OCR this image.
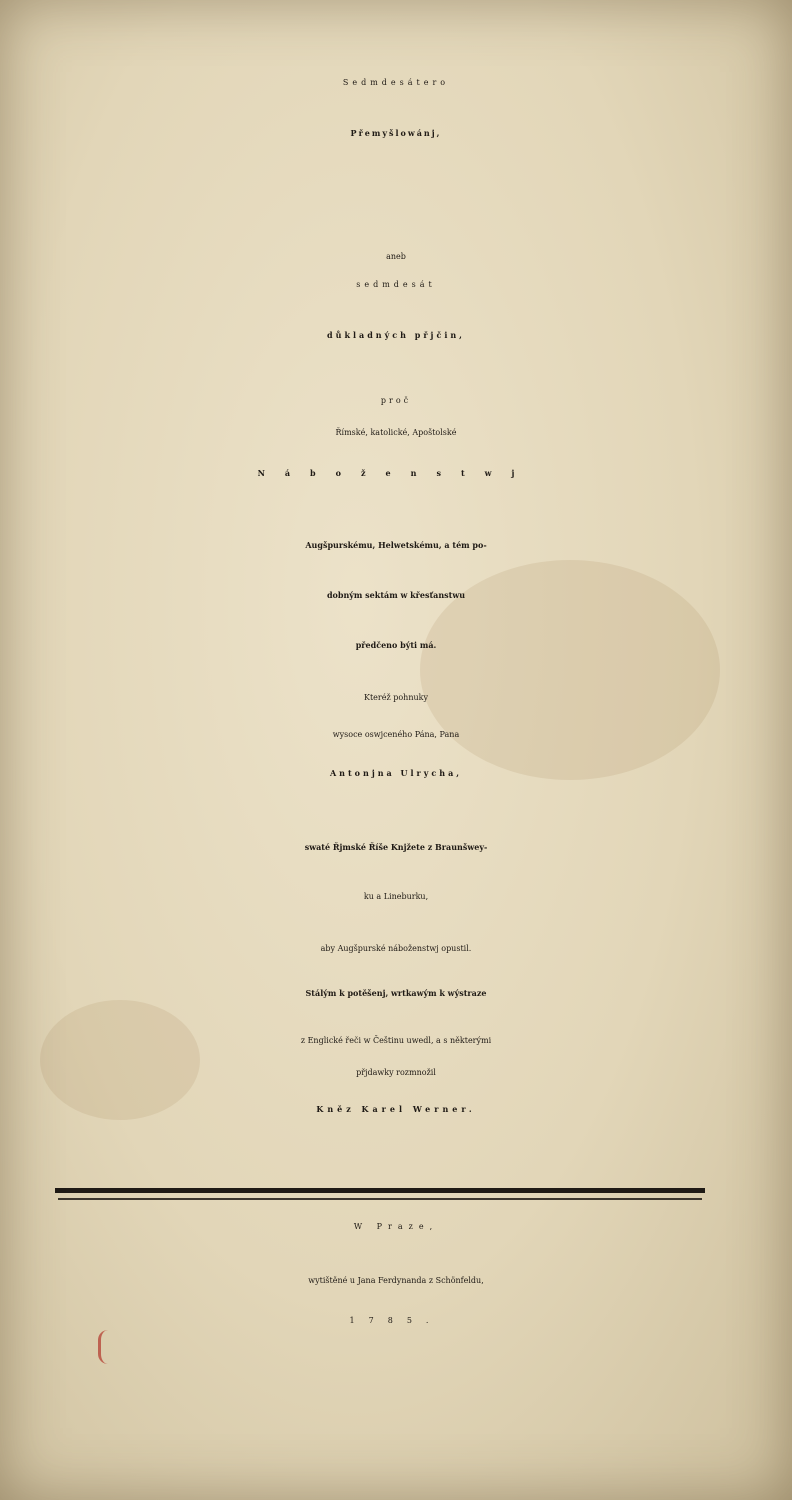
Sedmdesátero
Přemyšlowánj,
aneb
sedmdesát
důkladných přjčin,
proč
Římské, katolické, Apoštolské
Náboženstwj
Augšpurskému, Helwetskému, a tém po-
dobným sektám w křesťanstwu
předčeno býti má.
Kteréž pohnuky
wysoce oswjceného Pána, Pana
Antonjna Ulrycha,
swaté Řjmské Říše Knjžete z Braunšwey-
ku a Lineburku,
aby Augšpurské náboženstwj opustil.
Stálým k potěšenj, wrtkawým k wýstraze
z Englické řeči w Češtinu uwedl, a s některými
přjdawky rozmnožil
Kněz Karel Werner.
W Praze,
wytištěné u Jana Ferdynanda z Schönfeldu,
1785.
